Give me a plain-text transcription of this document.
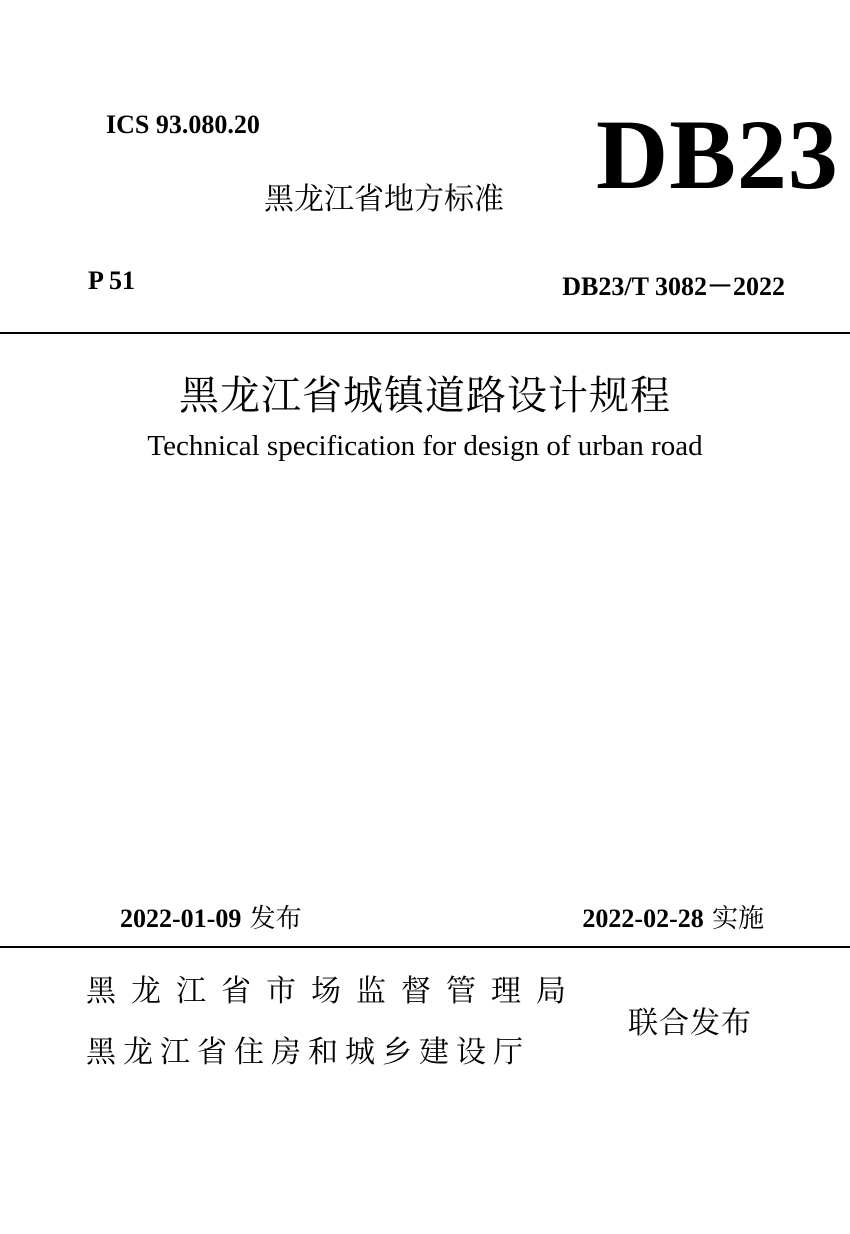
ICS 93.080.20
黑龙江省地方标准 DB23
P 51	DB23/T 3082－2022
黑龙江省城镇道路设计规程
Technical specification for design of urban road
2022-01-09 发布	2022-02-28 实施
黑龙江省市场监督管理局
黑龙江省住房和城乡建设厅
联合发布
